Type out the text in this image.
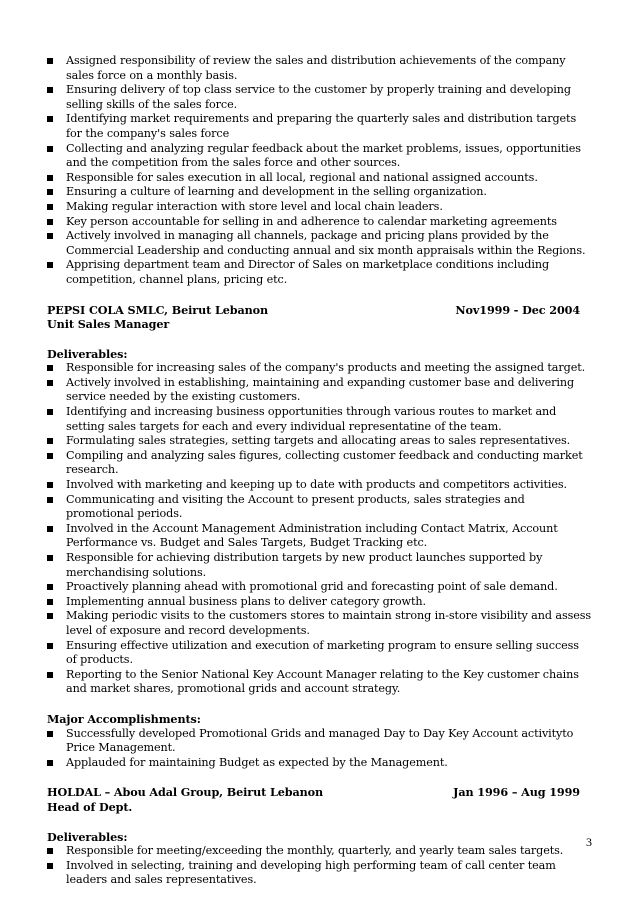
Assigned responsibility of review the sales and distribution achievements of the company sales force on a monthly basis.
Ensuring delivery of top class service to the customer by properly training and developing selling skills of the sales force.
Identifying market requirements and preparing the quarterly sales and distribution targets for the company's sales force
Collecting and analyzing regular feedback about the market problems, issues, opportunities and the competition from the sales force and other sources.
Responsible for sales execution in all local, regional and national assigned accounts.
Ensuring a culture of learning and development in the selling organization.
Making regular interaction with store level and local chain leaders.
Key person accountable for selling in and adherence to calendar marketing agreements
Actively involved in managing all channels, package and pricing plans provided by the Commercial Leadership and conducting annual and six month appraisals within the Regions.
Apprising department team and Director of Sales on marketplace conditions including competition, channel plans, pricing etc.
PEPSI COLA SMLC, Beirut Lebanon	Nov1999 - Dec 2004
Unit Sales Manager
Deliverables:
Responsible for increasing sales of the company's products and meeting the assigned target.
Actively involved in establishing, maintaining and expanding customer base and delivering service needed by the existing customers.
Identifying and increasing business opportunities through various routes to market and setting sales targets for each and every individual representatine of the team.
Formulating sales strategies, setting targets and allocating areas to sales representatives.
Compiling and analyzing sales figures, collecting customer feedback and conducting market research.
Involved with marketing and keeping up to date with products and competitors activities.
Communicating and visiting the Account to present products, sales strategies and promotional periods.
Involved in the Account Management Administration including Contact Matrix, Account Performance vs. Budget and Sales Targets, Budget Tracking etc.
Responsible for achieving distribution targets by new product launches supported by merchandising solutions.
Proactively planning ahead with promotional grid and forecasting point of sale demand.
Implementing annual business plans to deliver category growth.
Making periodic visits to the customers stores to maintain strong in-store visibility and assess level of exposure and record developments.
Ensuring effective utilization and execution of marketing program to ensure selling success of products.
Reporting to the Senior National Key Account Manager relating to the Key customer chains and market shares, promotional grids and account strategy.
Major Accomplishments:
Successfully developed Promotional Grids and managed Day to Day Key Account activityto Price Management.
Applauded for maintaining Budget as expected by the Management.
HOLDAL – Abou Adal Group, Beirut Lebanon	Jan 1996 – Aug 1999
Head of Dept.
Deliverables:
Responsible for meeting/exceeding the monthly, quarterly, and yearly team sales targets.
Involved in selecting, training and developing high performing team of call center team leaders and sales representatives.
3
